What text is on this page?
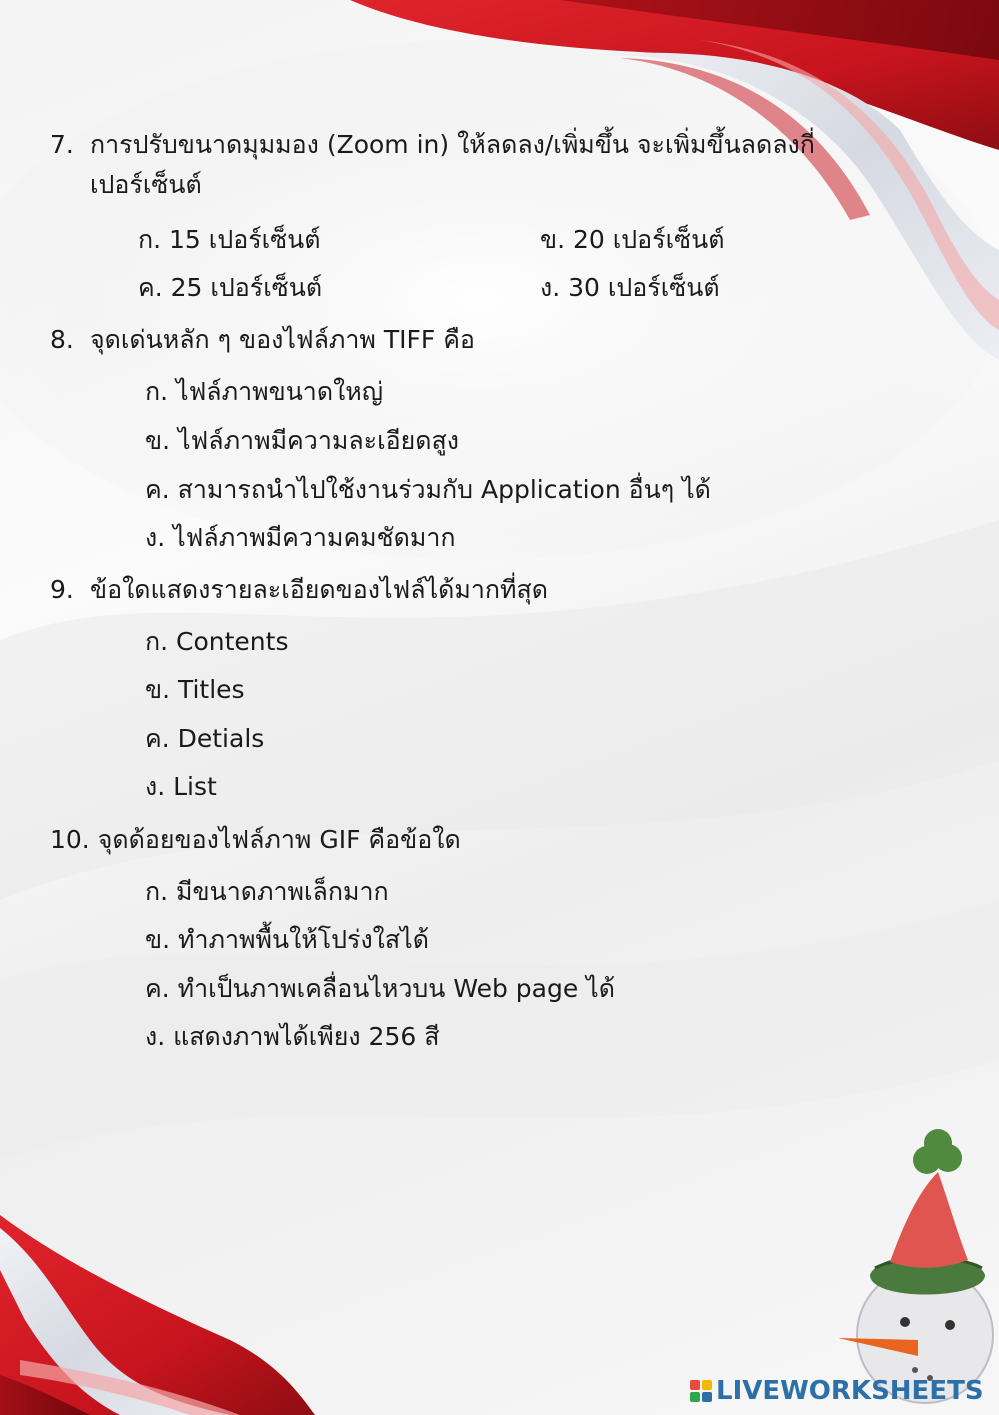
7. การปรับขนาดมุมมอง (Zoom in) ให้ลดลง/เพิ่มขึ้น จะเพิ่มขึ้นลดลงกี่
เปอร์เซ็นต์
ก. 15 เปอร์เซ็นต์	ข. 20 เปอร์เซ็นต์
ค. 25 เปอร์เซ็นต์	ง. 30 เปอร์เซ็นต์
8. จุดเด่นหลัก ๆ ของไฟล์ภาพ TIFF คือ
ก. ไฟล์ภาพขนาดใหญ่
ข. ไฟล์ภาพมีความละเอียดสูง
ค. สามารถนำไปใช้งานร่วมกับ Application อื่นๆ ได้
ง. ไฟล์ภาพมีความคมชัดมาก
9. ข้อใดแสดงรายละเอียดของไฟล์ได้มากที่สุด
ก. Contents
ข. Titles
ค. Detials
ง. List
10. จุดด้อยของไฟล์ภาพ GIF คือข้อใด
ก. มีขนาดภาพเล็กมาก
ข. ทำภาพพื้นให้โปร่งใสได้
ค. ทำเป็นภาพเคลื่อนไหวบน Web page ได้
ง. แสดงภาพได้เพียง 256 สี
LIVEWORKSHEETS
